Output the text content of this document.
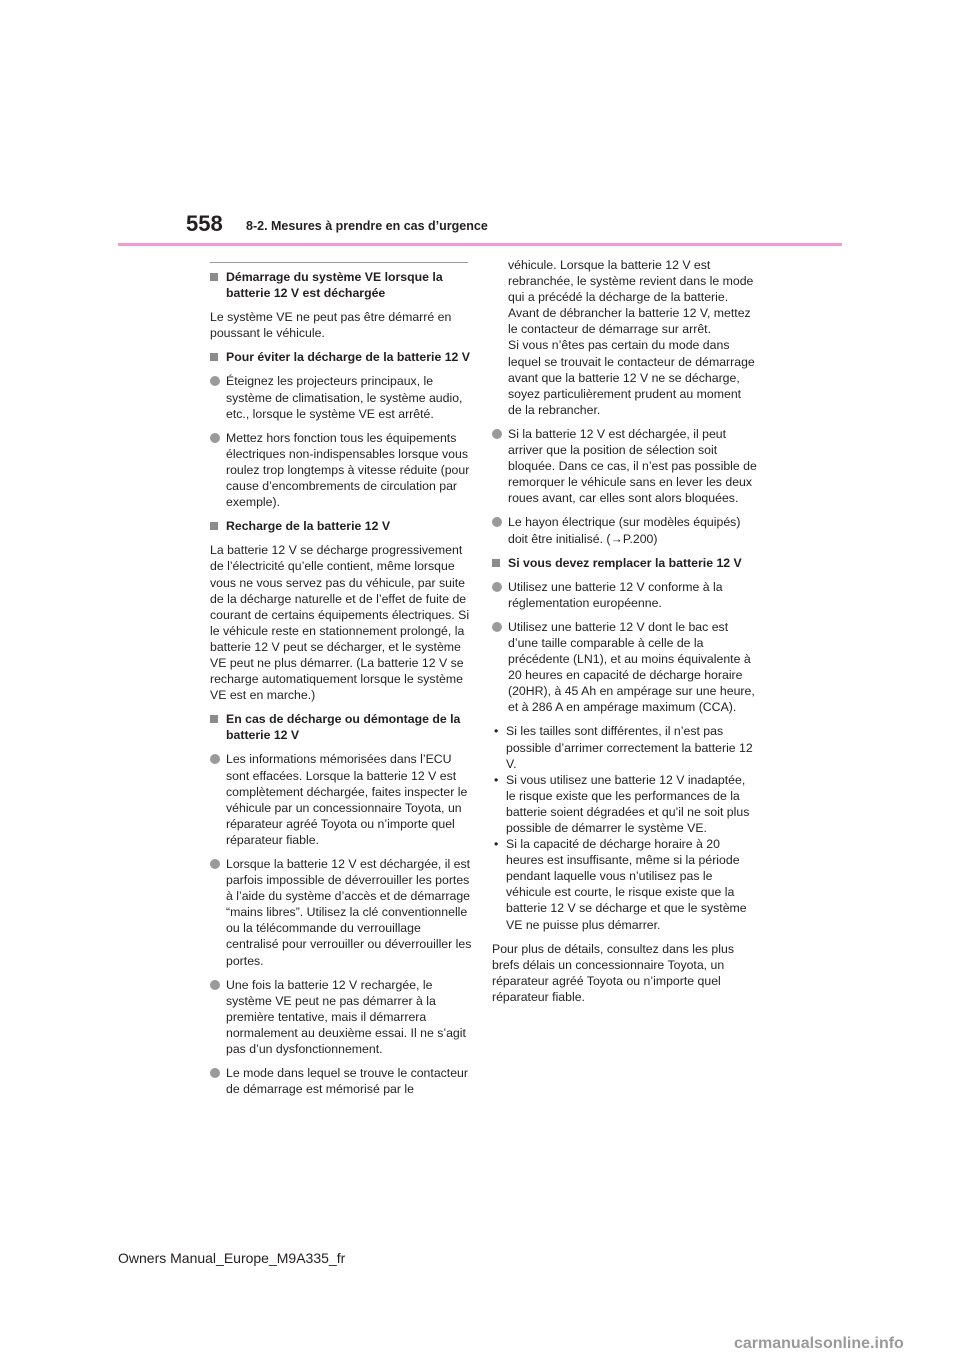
558 8-2. Mesures à prendre en cas d’urgence
Démarrage du système VE lorsque la batterie 12 V est déchargée

Le système VE ne peut pas être démarré en poussant le véhicule.

Pour éviter la décharge de la batterie 12 V
Éteignez les projecteurs principaux, le système de climatisation, le système audio, etc., lorsque le système VE est arrêté.
Mettez hors fonction tous les équipements électriques non-indispensables lorsque vous roulez trop longtemps à vitesse réduite (pour cause d’encombrements de circulation par exemple).
Recharge de la batterie 12 V

La batterie 12 V se décharge progressivement de l’électricité qu’elle contient, même lorsque vous ne vous servez pas du véhicule, par suite de la décharge naturelle et de l’effet de fuite de courant de certains équipements électriques. Si le véhicule reste en stationnement prolongé, la batterie 12 V peut se décharger, et le système VE peut ne plus démarrer. (La batterie 12 V se recharge automatiquement lorsque le système VE est en marche.)

En cas de décharge ou démontage de la batterie 12 V
Les informations mémorisées dans l’ECU sont effacées. Lorsque la batterie 12 V est complètement déchargée, faites inspecter le véhicule par un concessionnaire Toyota, un réparateur agréé Toyota ou n’importe quel réparateur fiable.
Lorsque la batterie 12 V est déchargée, il est parfois impossible de déverrouiller les portes à l’aide du système d’accès et de démarrage “mains libres”. Utilisez la clé conventionnelle ou la télécommande du verrouillage centralisé pour verrouiller ou déverrouiller les portes.
Une fois la batterie 12 V rechargée, le système VE peut ne pas démarrer à la première tentative, mais il démarrera normalement au deuxième essai. Il ne s’agit pas d’un dysfonctionnement.
Le mode dans lequel se trouve le contacteur de démarrage est mémorisé par le

véhicule. Lorsque la batterie 12 V est rebranchée, le système revient dans le mode qui a précédé la décharge de la batterie. Avant de débrancher la batterie 12 V, mettez le contacteur de démarrage sur arrêt.

Si vous n’êtes pas certain du mode dans lequel se trouvait le contacteur de démarrage avant que la batterie 12 V ne se décharge, soyez particulièrement prudent au moment de la rebrancher.

Si la batterie 12 V est déchargée, il peut arriver que la position de sélection soit bloquée. Dans ce cas, il n’est pas possible de remorquer le véhicule sans en lever les deux roues avant, car elles sont alors bloquées.
Le hayon électrique (sur modèles équipés) doit être initialisé. (→P.200)
Si vous devez remplacer la batterie 12 V
Utilisez une batterie 12 V conforme à la réglementation européenne.
Utilisez une batterie 12 V dont le bac est d’une taille comparable à celle de la précédente (LN1), et au moins équivalente à 20 heures en capacité de décharge horaire (20HR), à 45 Ah en ampérage sur une heure, et à 286 A en ampérage maximum (CCA).

• Si les tailles sont différentes, il n’est pas possible d’arrimer correctement la batterie 12 V.

• Si vous utilisez une batterie 12 V inadaptée, le risque existe que les performances de la batterie soient dégradées et qu’il ne soit plus possible de démarrer le système VE.

• Si la capacité de décharge horaire à 20 heures est insuffisante, même si la période pendant laquelle vous n’utilisez pas le véhicule est courte, le risque existe que la batterie 12 V se décharge et que le système VE ne puisse plus démarrer.

Pour plus de détails, consultez dans les plus brefs délais un concessionnaire Toyota, un réparateur agréé Toyota ou n’importe quel réparateur fiable.

Owners Manual_Europe_M9A335_fr
carmanualsonline.info
